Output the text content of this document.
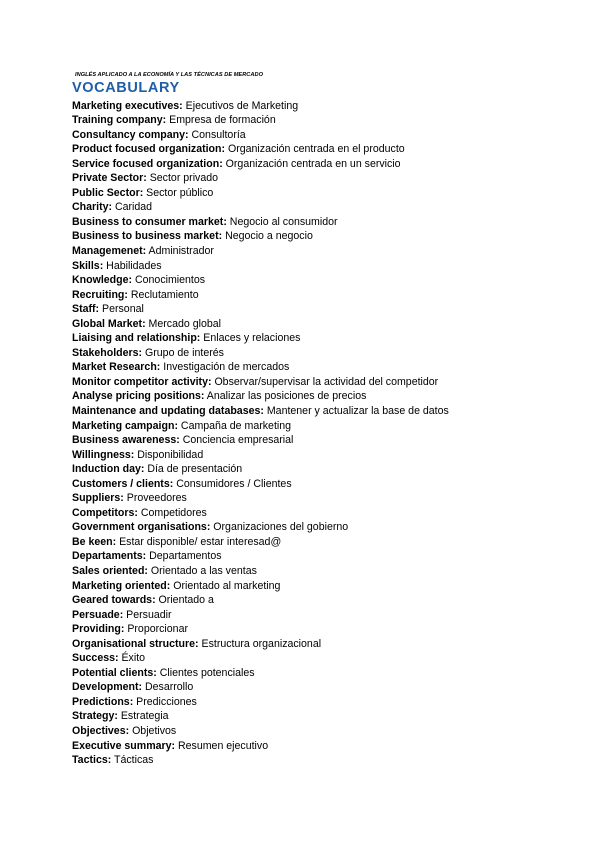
INGLÉS APLICADO A LA ECONOMÍA Y LAS TÉCNICAS DE MERCADO
VOCABULARY
Marketing executives: Ejecutivos de Marketing
Training company: Empresa de formación
Consultancy company: Consultoría
Product focused organization: Organización centrada en el producto
Service focused organization: Organización centrada en un servicio
Private Sector: Sector privado
Public Sector: Sector público
Charity: Caridad
Business to consumer market: Negocio al consumidor
Business to business market: Negocio a negocio
Managemenet: Administrador
Skills: Habilidades
Knowledge: Conocimientos
Recruiting: Reclutamiento
Staff: Personal
Global Market: Mercado global
Liaising and relationship: Enlaces y relaciones
Stakeholders: Grupo de interés
Market Research: Investigación de mercados
Monitor competitor activity: Observar/supervisar la actividad del competidor
Analyse pricing positions: Analizar las posiciones de precios
Maintenance and updating databases: Mantener y actualizar la base de datos
Marketing campaign: Campaña de marketing
Business awareness: Conciencia empresarial
Willingness: Disponibilidad
Induction day: Día de presentación
Customers / clients: Consumidores / Clientes
Suppliers: Proveedores
Competitors: Competidores
Government organisations: Organizaciones del gobierno
Be keen: Estar disponible/ estar interesad@
Departaments: Departamentos
Sales oriented: Orientado a las ventas
Marketing oriented: Orientado al marketing
Geared towards: Orientado a
Persuade: Persuadir
Providing: Proporcionar
Organisational structure: Estructura organizacional
Success: Éxito
Potential clients: Clientes potenciales
Development: Desarrollo
Predictions: Predicciones
Strategy: Estrategia
Objectives: Objetivos
Executive summary: Resumen ejecutivo
Tactics: Tácticas
